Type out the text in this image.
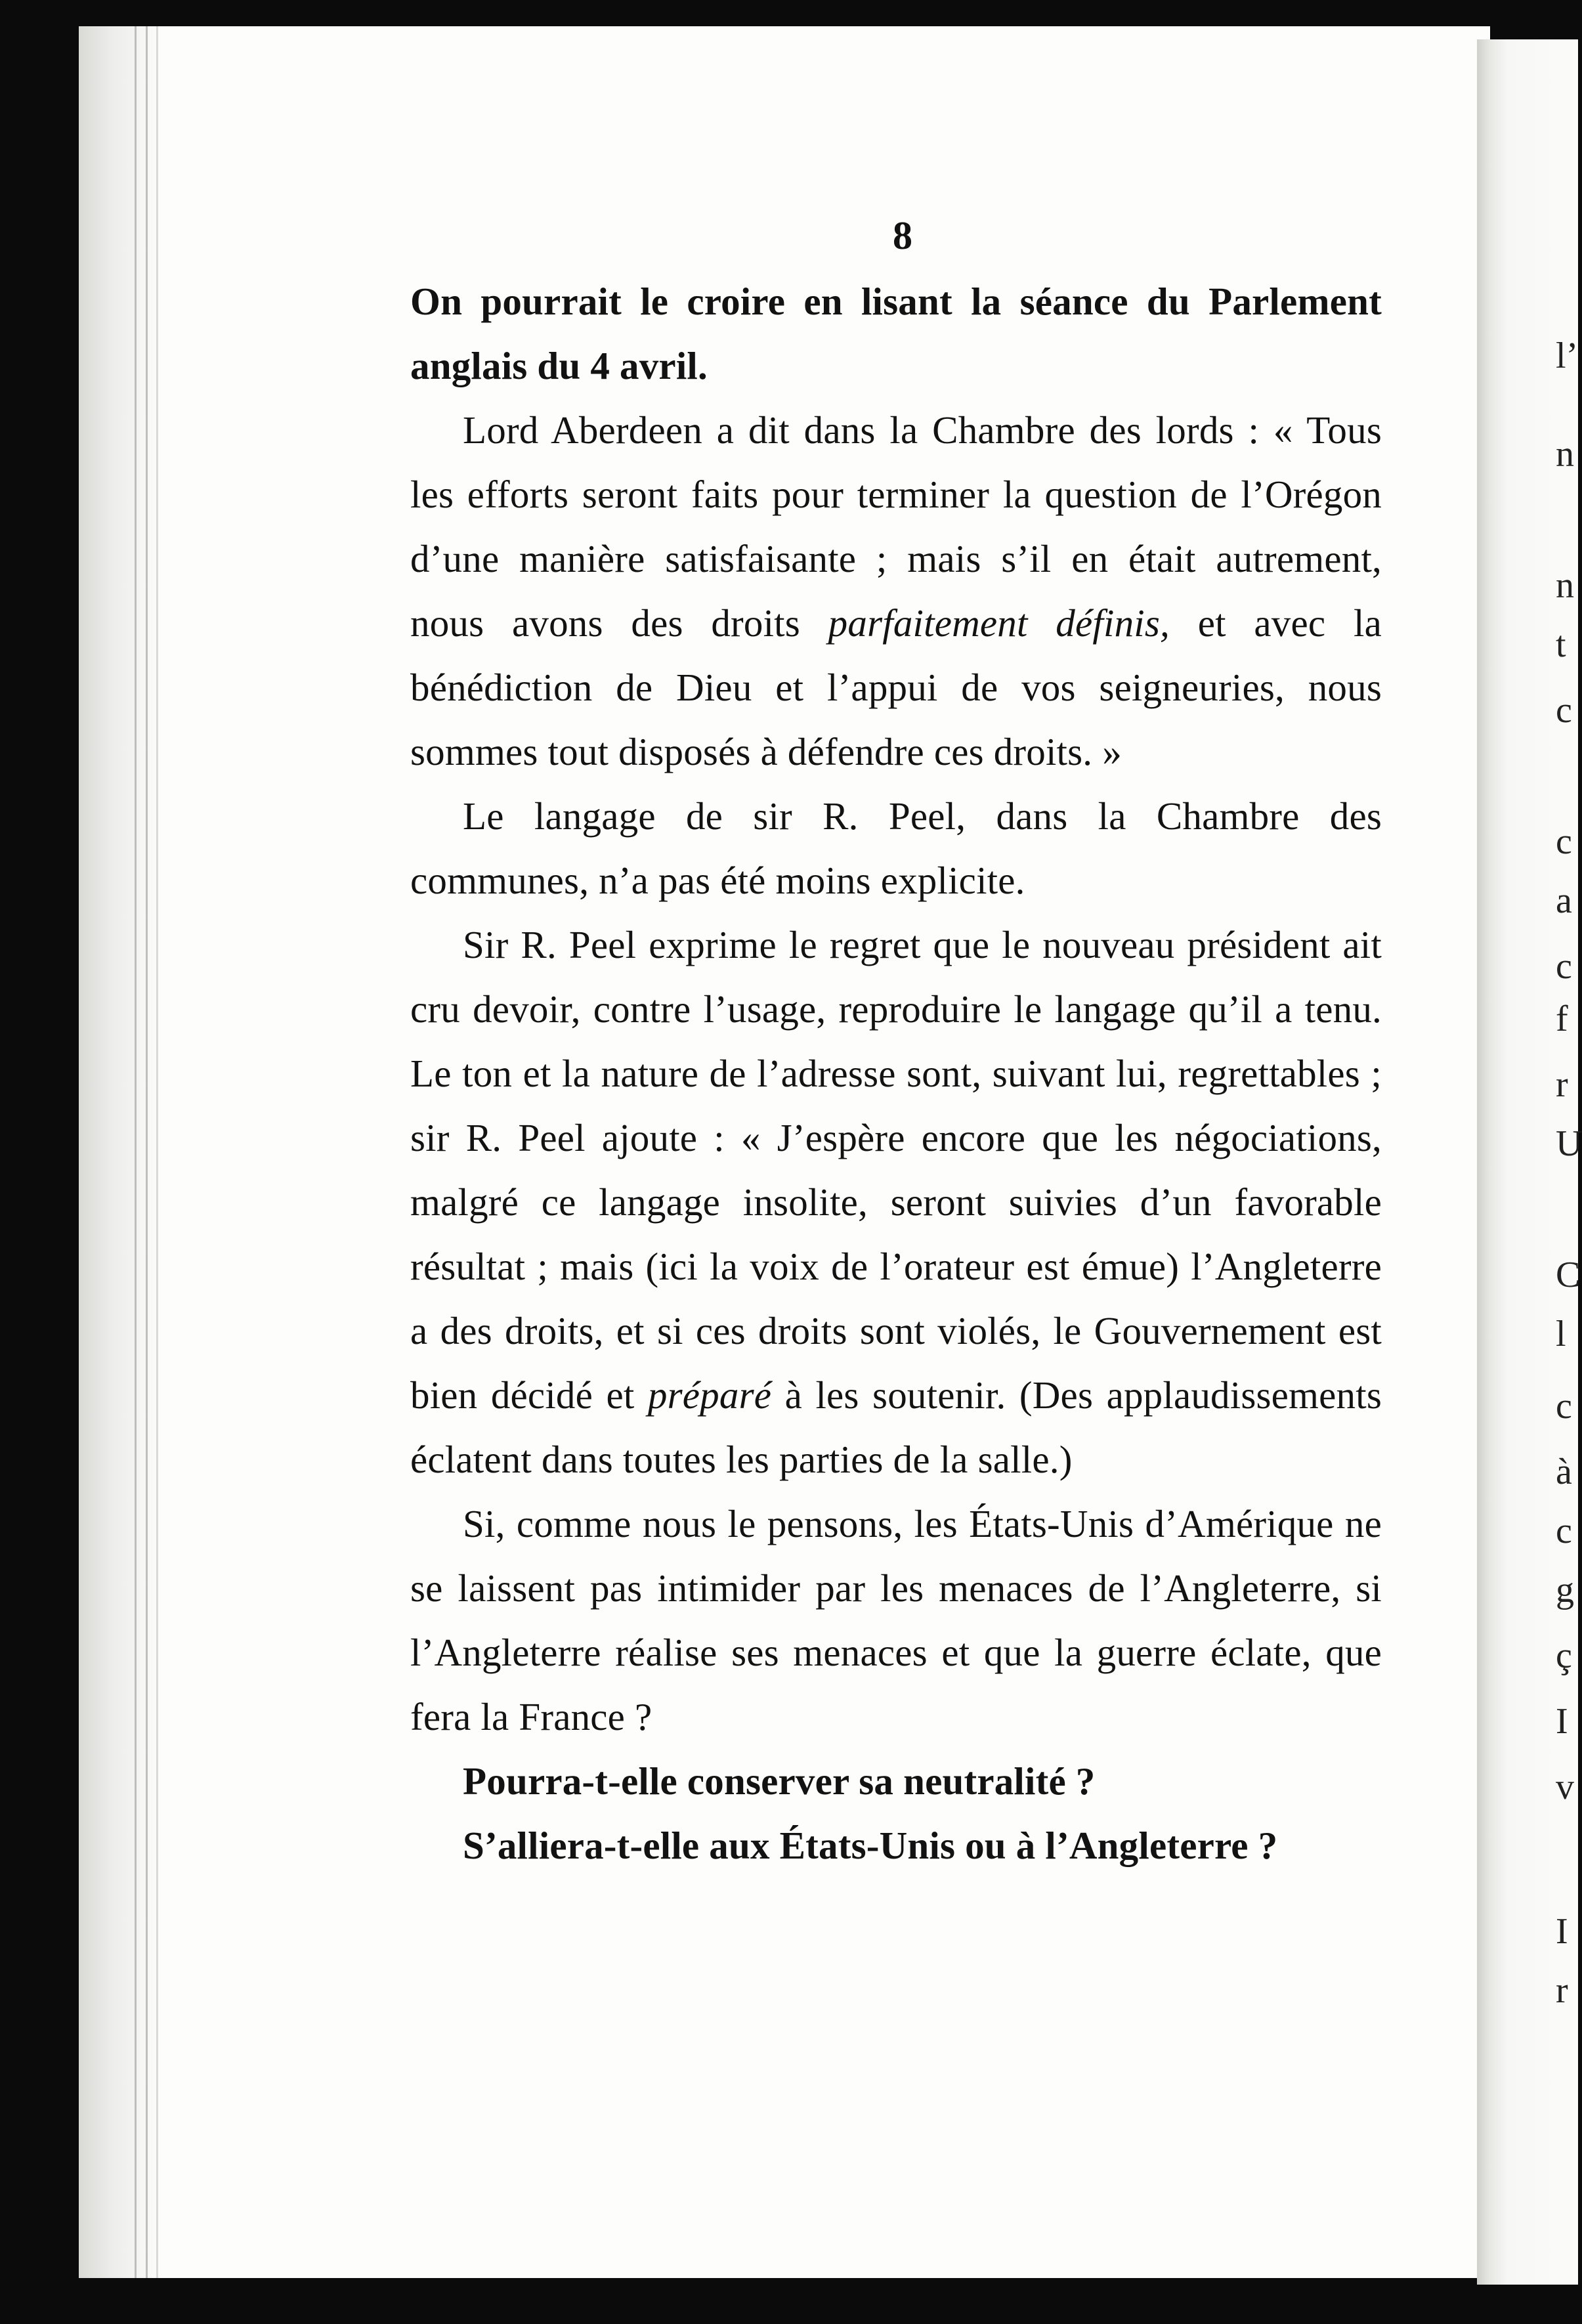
l’
n
n
t
c
c
a
c
f
r
U
C
l
c
à
c
g
ç
I
v
I
r
8

On pourrait le croire en lisant la séance du Parlement anglais du 4 avril.

Lord Aberdeen a dit dans la Chambre des lords : « Tous les efforts seront faits pour terminer la question de l’Orégon d’une manière satisfaisante ; mais s’il en était autrement, nous avons des droits parfaitement définis, et avec la bénédiction de Dieu et l’appui de vos seigneuries, nous sommes tout disposés à défendre ces droits. »

Le langage de sir R. Peel, dans la Chambre des communes, n’a pas été moins explicite.

Sir R. Peel exprime le regret que le nouveau président ait cru devoir, contre l’usage, reproduire le langage qu’il a tenu. Le ton et la nature de l’adresse sont, suivant lui, regrettables ; sir R. Peel ajoute : « J’espère encore que les négociations, malgré ce langage insolite, seront suivies d’un favorable résultat ; mais (ici la voix de l’orateur est émue) l’Angleterre a des droits, et si ces droits sont violés, le Gouvernement est bien décidé et préparé à les soutenir. (Des applaudissements éclatent dans toutes les parties de la salle.)

Si, comme nous le pensons, les États-Unis d’Amérique ne se laissent pas intimider par les menaces de l’Angleterre, si l’Angleterre réalise ses menaces et que la guerre éclate, que fera la France ?

Pourra-t-elle conserver sa neutralité ?

S’alliera-t-elle aux États-Unis ou à l’Angleterre ?
